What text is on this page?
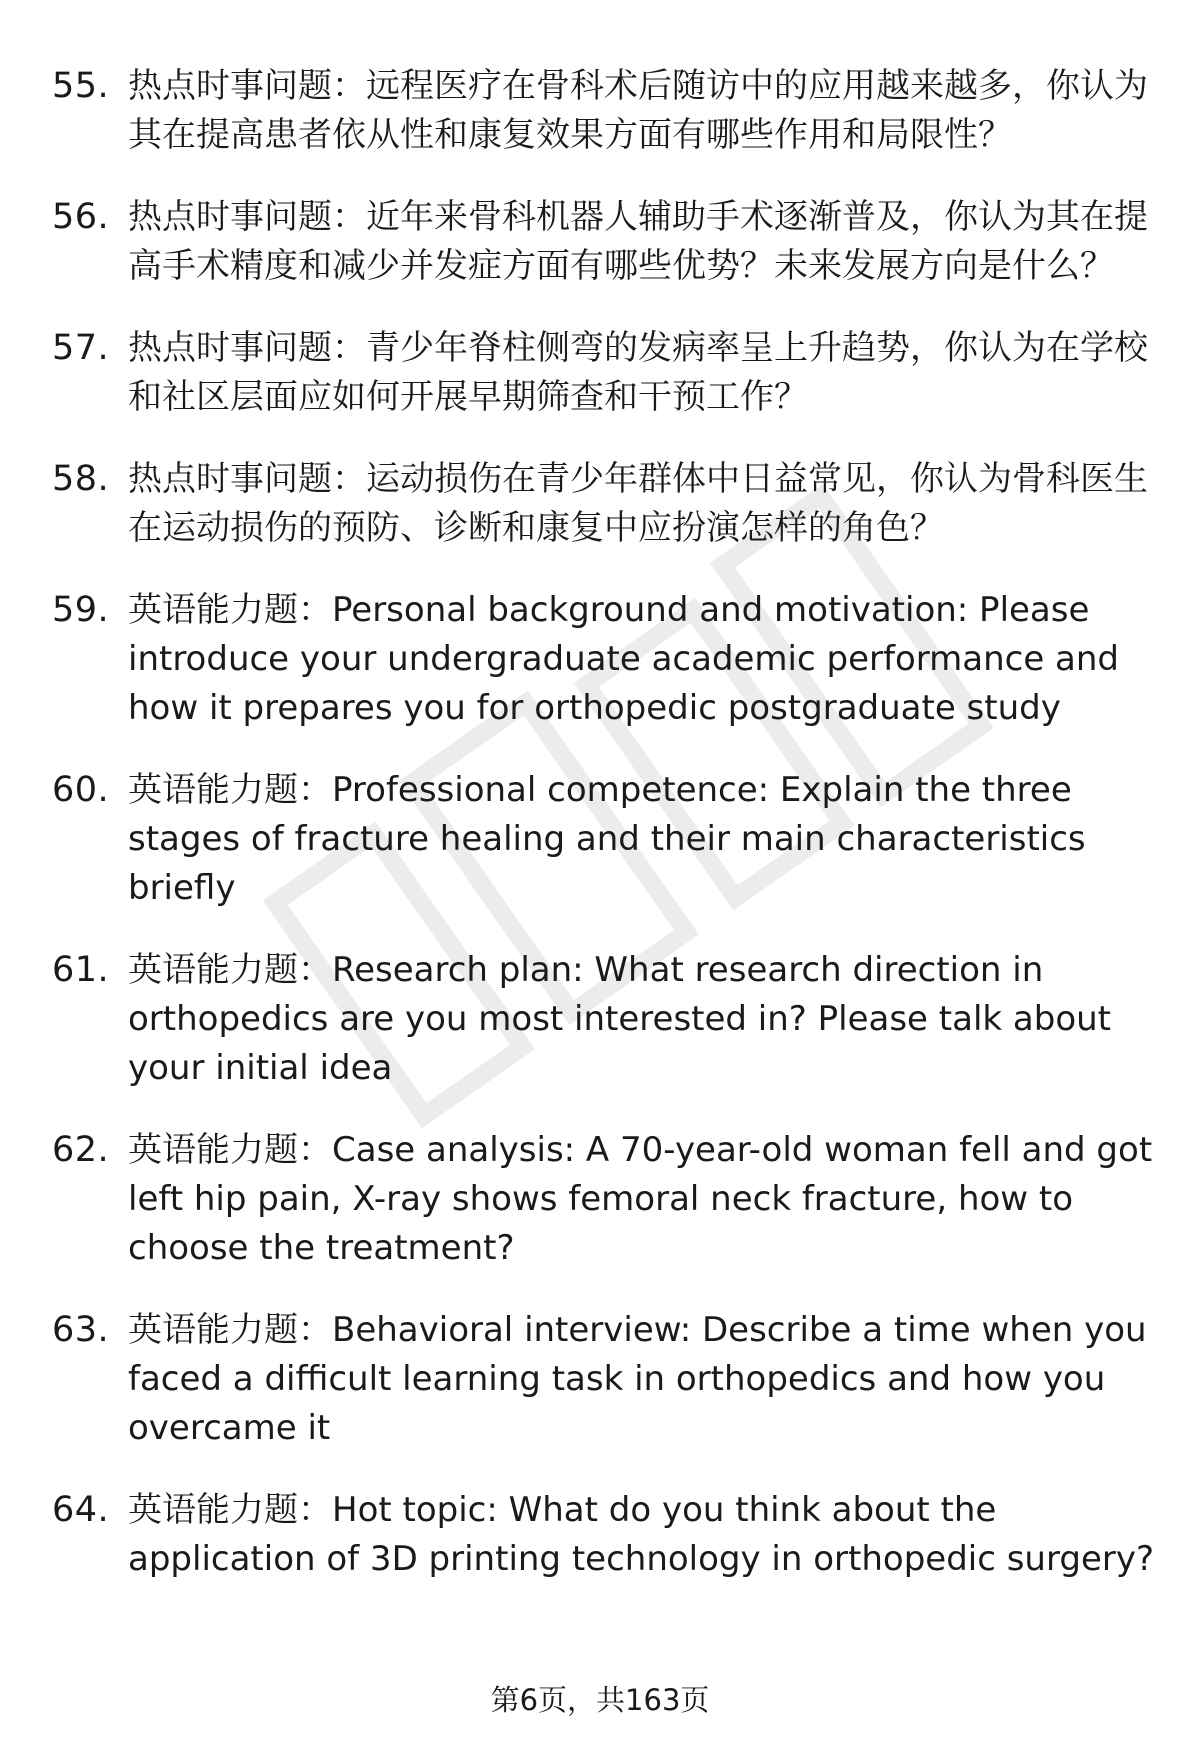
55. 热点时事问题：远程医疗在骨科术后随访中的应用越来越多，你认为其在提高患者依从性和康复效果方面有哪些作用和局限性？
56. 热点时事问题：近年来骨科机器人辅助手术逐渐普及，你认为其在提高手术精度和减少并发症方面有哪些优势？未来发展方向是什么？
57. 热点时事问题：青少年脊柱侧弯的发病率呈上升趋势，你认为在学校和社区层面应如何开展早期筛查和干预工作？
58. 热点时事问题：运动损伤在青少年群体中日益常见，你认为骨科医生在运动损伤的预防、诊断和康复中应扮演怎样的角色？
59. 英语能力题：Personal background and motivation: Please introduce your undergraduate academic performance and how it prepares you for orthopedic postgraduate study
60. 英语能力题：Professional competence: Explain the three stages of fracture healing and their main characteristics briefly
61. 英语能力题：Research plan: What research direction in orthopedics are you most interested in? Please talk about your initial idea
62. 英语能力题：Case analysis: A 70-year-old woman fell and got left hip pain, X-ray shows femoral neck fracture, how to choose the treatment?
63. 英语能力题：Behavioral interview: Describe a time when you faced a difficult learning task in orthopedics and how you overcame it
64. 英语能力题：Hot topic: What do you think about the application of 3D printing technology in orthopedic surgery?
第6页，共163页
